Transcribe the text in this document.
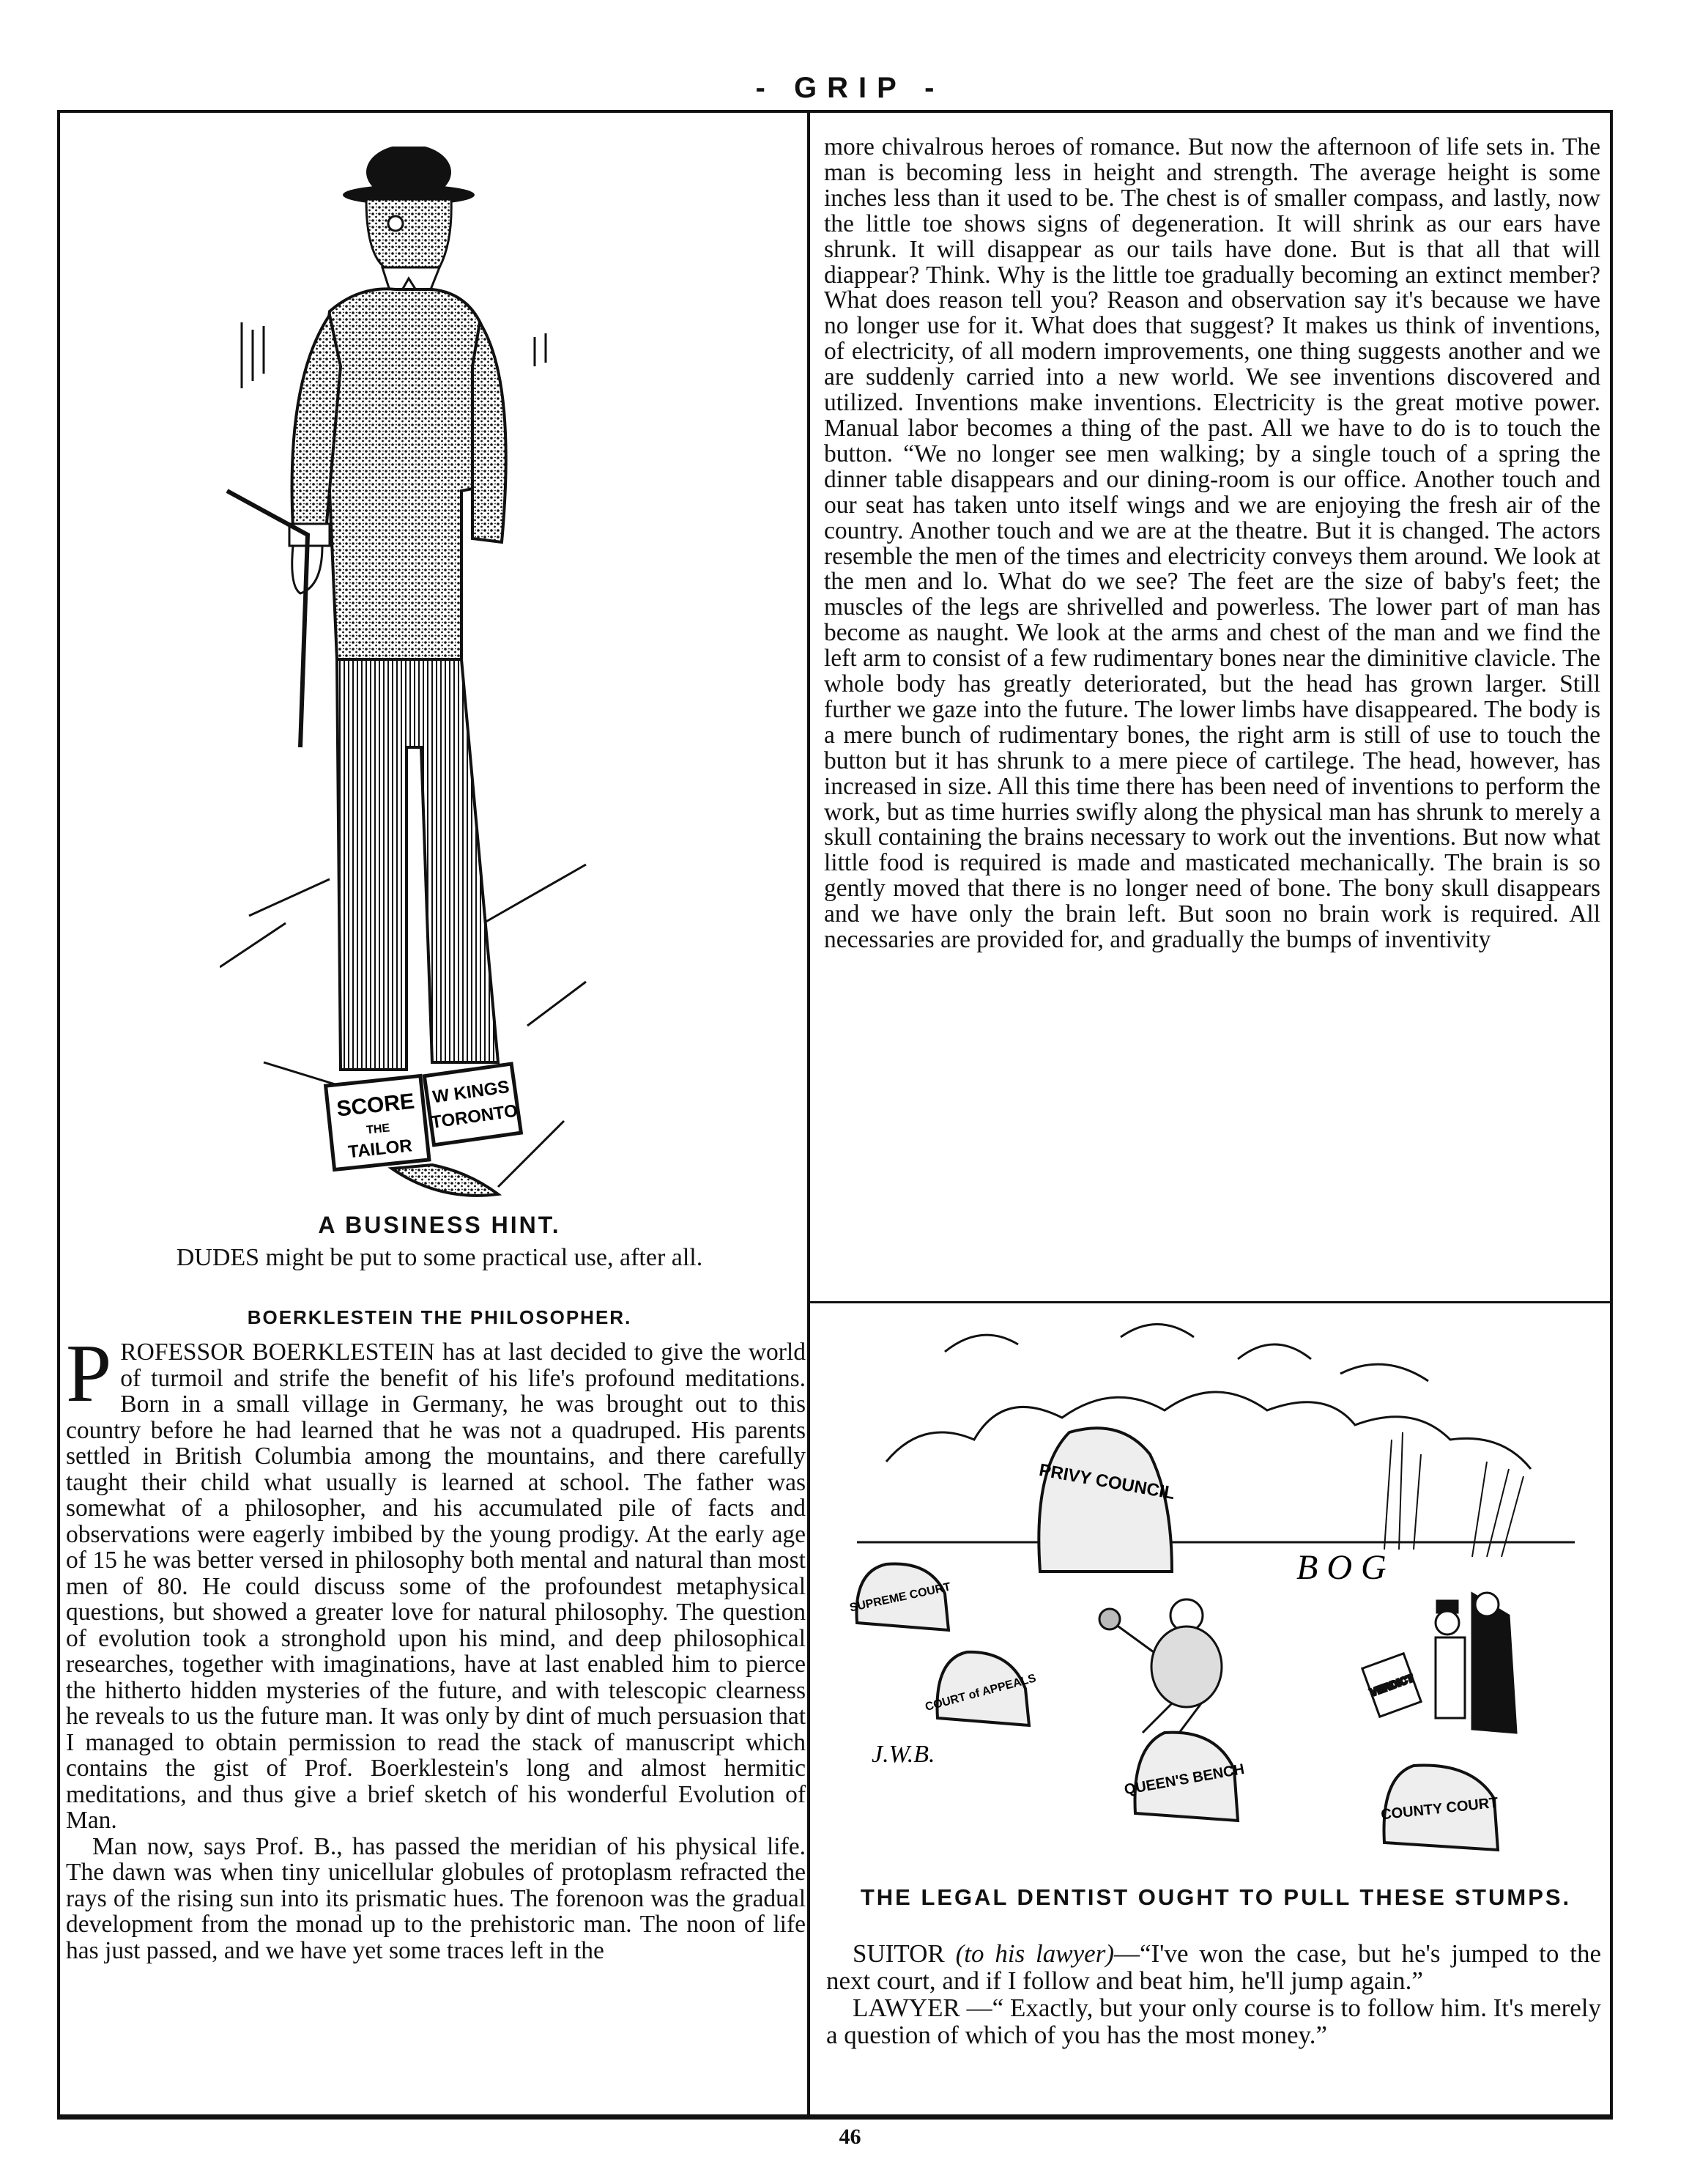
- GRIP -
SCORE
THE
TAILOR
W KINGS
TORONTO
A BUSINESS HINT.
DUDES might be put to some practical use, after all.
BOERKLESTEIN THE PHILOSOPHER.

PROFESSOR BOERKLESTEIN has at last decided to give the world of turmoil and strife the benefit of his life's profound meditations. Born in a small village in Germany, he was brought out to this country before he had learned that he was not a quadruped. His parents settled in British Columbia among the mountains, and there carefully taught their child what usually is learned at school. The father was somewhat of a philosopher, and his accumulated pile of facts and observations were eagerly imbibed by the young prodigy. At the early age of 15 he was better versed in philosophy both mental and natural than most men of 80. He could discuss some of the profoundest metaphysical questions, but showed a greater love for natural philosophy. The question of evolution took a stronghold upon his mind, and deep philosophical researches, together with imaginations, have at last enabled him to pierce the hitherto hidden mysteries of the future, and with telescopic clearness he reveals to us the future man. It was only by dint of much persuasion that I managed to obtain permission to read the stack of manuscript which contains the gist of Prof. Boerklestein's long and almost hermitic meditations, and thus give a brief sketch of his wonderful Evolution of Man.

Man now, says Prof. B., has passed the meridian of his physical life. The dawn was when tiny unicellular globules of protoplasm refracted the rays of the rising sun into its prismatic hues. The forenoon was the gradual development from the monad up to the prehistoric man. The noon of life has just passed, and we have yet some traces left in the

more chivalrous heroes of romance. But now the afternoon of life sets in. The man is becoming less in height and strength. The average height is some inches less than it used to be. The chest is of smaller compass, and lastly, now the little toe shows signs of degeneration. It will shrink as our ears have shrunk. It will disappear as our tails have done. But is that all that will diappear? Think. Why is the little toe gradually becoming an extinct member? What does reason tell you? Reason and observation say it's because we have no longer use for it. What does that suggest? It makes us think of inventions, of electricity, of all modern improvements, one thing suggests another and we are suddenly carried into a new world. We see inventions discovered and utilized. Inventions make inventions. Electricity is the great motive power. Manual labor becomes a thing of the past. All we have to do is to touch the button. “We no longer see men walking; by a single touch of a spring the dinner table disappears and our dining-room is our office. Another touch and our seat has taken unto itself wings and we are enjoying the fresh air of the country. Another touch and we are at the theatre. But it is changed. The actors resemble the men of the times and electricity conveys them around. We look at the men and lo. What do we see? The feet are the size of baby's feet; the muscles of the legs are shrivelled and powerless. The lower part of man has become as naught. We look at the arms and chest of the man and we find the left arm to consist of a few rudimentary bones near the diminitive clavicle. The whole body has greatly deteriorated, but the head has grown larger. Still further we gaze into the future. The lower limbs have disappeared. The body is a mere bunch of rudimentary bones, the right arm is still of use to touch the button but it has shrunk to a mere piece of cartilege. The head, however, has increased in size. All this time there has been need of inventions to perform the work, but as time hurries swifly along the physical man has shrunk to merely a skull containing the brains necessary to work out the inventions. But now what little food is required is made and masticated mechanically. The brain is so gently moved that there is no longer need of bone. The bony skull disappears and we have only the brain left. But soon no brain work is required. All necessaries are provided for, and gradually the bumps of inventivity
PRIVY COUNCIL
SUPREME COURT
COURT of APPEALS
QUEEN'S BENCH
COUNTY COURT
B O G
VERDICT
J.W.B.
THE LEGAL DENTIST OUGHT TO PULL THESE STUMPS.

SUITOR (to his lawyer)—“I've won the case, but he's jumped to the next court, and if I follow and beat him, he'll jump again.”

LAWYER —“ Exactly, but your only course is to follow him. It's merely a question of which of you has the most money.”

46
